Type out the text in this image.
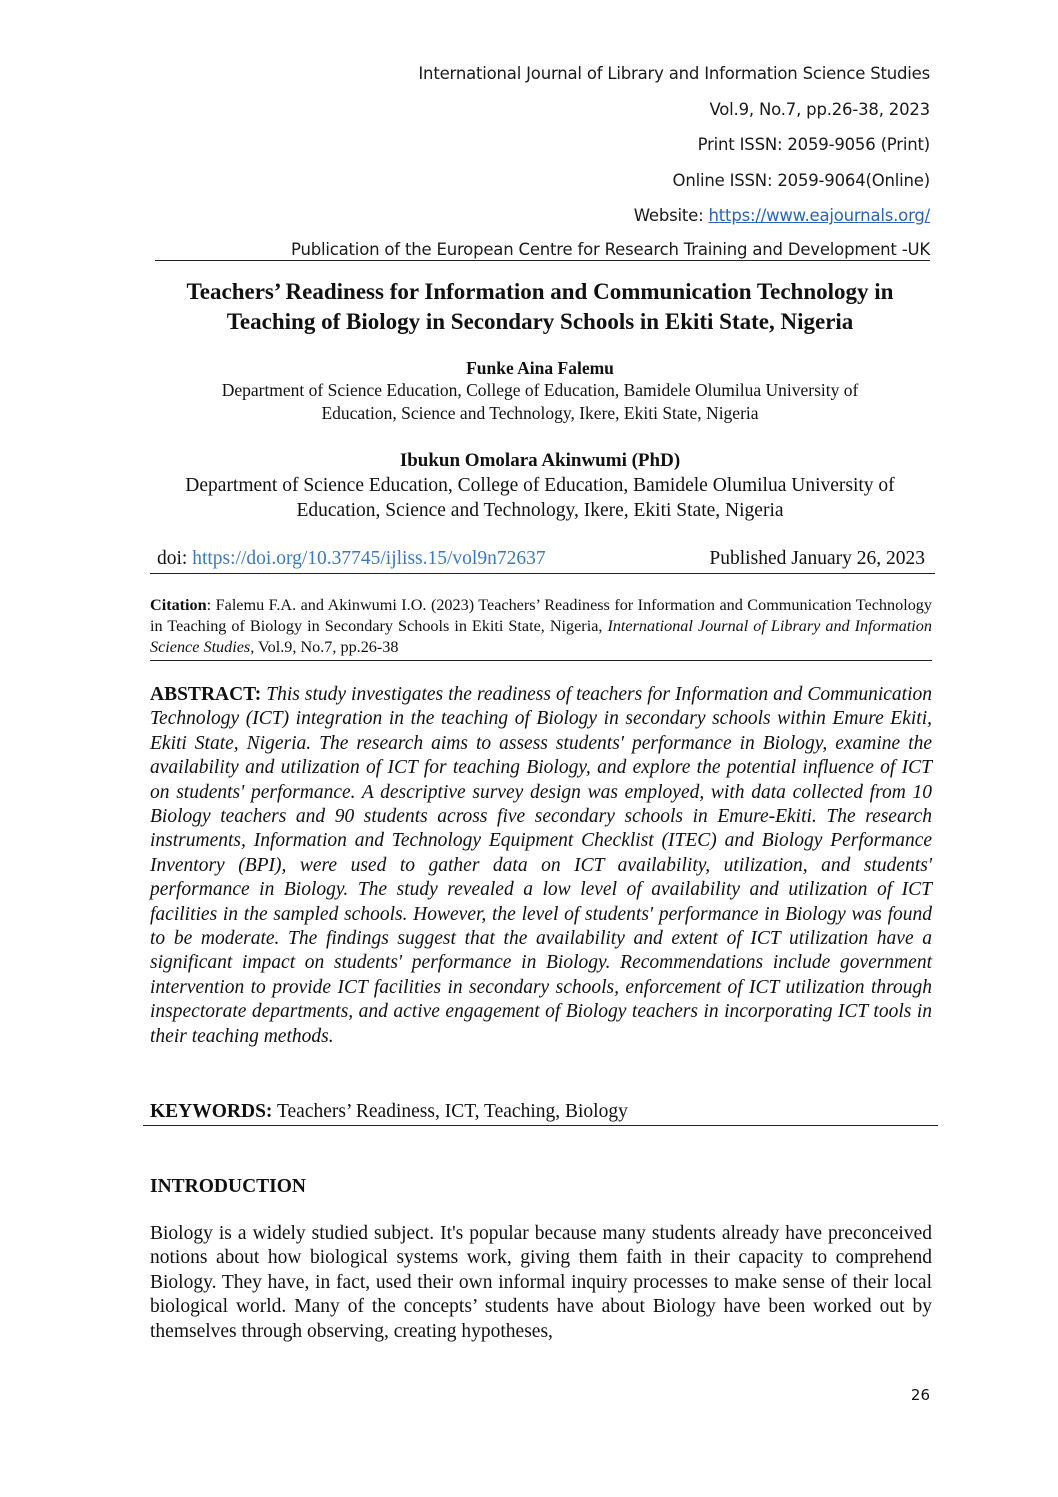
International Journal of Library and Information Science Studies
Vol.9, No.7, pp.26-38, 2023
Print ISSN: 2059-9056 (Print)
Online ISSN: 2059-9064(Online)
Website: https://www.eajournals.org/
Publication of the European Centre for Research Training and Development -UK
Teachers’ Readiness for Information and Communication Technology in
Teaching of Biology in Secondary Schools in Ekiti State, Nigeria
Funke Aina Falemu
Department of Science Education, College of Education, Bamidele Olumilua University of
Education, Science and Technology, Ikere, Ekiti State, Nigeria
Ibukun Omolara Akinwumi (PhD)
Department of Science Education, College of Education, Bamidele Olumilua University of
Education, Science and Technology, Ikere, Ekiti State, Nigeria
doi: https://doi.org/10.37745/ijliss.15/vol9n72637	Published January 26, 2023
Citation: Falemu F.A. and Akinwumi I.O. (2023) Teachers’ Readiness for Information and Communication Technology in Teaching of Biology in Secondary Schools in Ekiti State, Nigeria, International Journal of Library and Information Science Studies, Vol.9, No.7, pp.26-38
ABSTRACT: This study investigates the readiness of teachers for Information and Communication Technology (ICT) integration in the teaching of Biology in secondary schools within Emure Ekiti, Ekiti State, Nigeria. The research aims to assess students' performance in Biology, examine the availability and utilization of ICT for teaching Biology, and explore the potential influence of ICT on students' performance. A descriptive survey design was employed, with data collected from 10 Biology teachers and 90 students across five secondary schools in Emure-Ekiti. The research instruments, Information and Technology Equipment Checklist (ITEC) and Biology Performance Inventory (BPI), were used to gather data on ICT availability, utilization, and students' performance in Biology. The study revealed a low level of availability and utilization of ICT facilities in the sampled schools. However, the level of students' performance in Biology was found to be moderate. The findings suggest that the availability and extent of ICT utilization have a significant impact on students' performance in Biology. Recommendations include government intervention to provide ICT facilities in secondary schools, enforcement of ICT utilization through inspectorate departments, and active engagement of Biology teachers in incorporating ICT tools in their teaching methods.
KEYWORDS: Teachers’ Readiness, ICT, Teaching, Biology
INTRODUCTION
Biology is a widely studied subject. It's popular because many students already have preconceived notions about how biological systems work, giving them faith in their capacity to comprehend Biology. They have, in fact, used their own informal inquiry processes to make sense of their local biological world. Many of the concepts’ students have about Biology have been worked out by themselves through observing, creating hypotheses,
26
